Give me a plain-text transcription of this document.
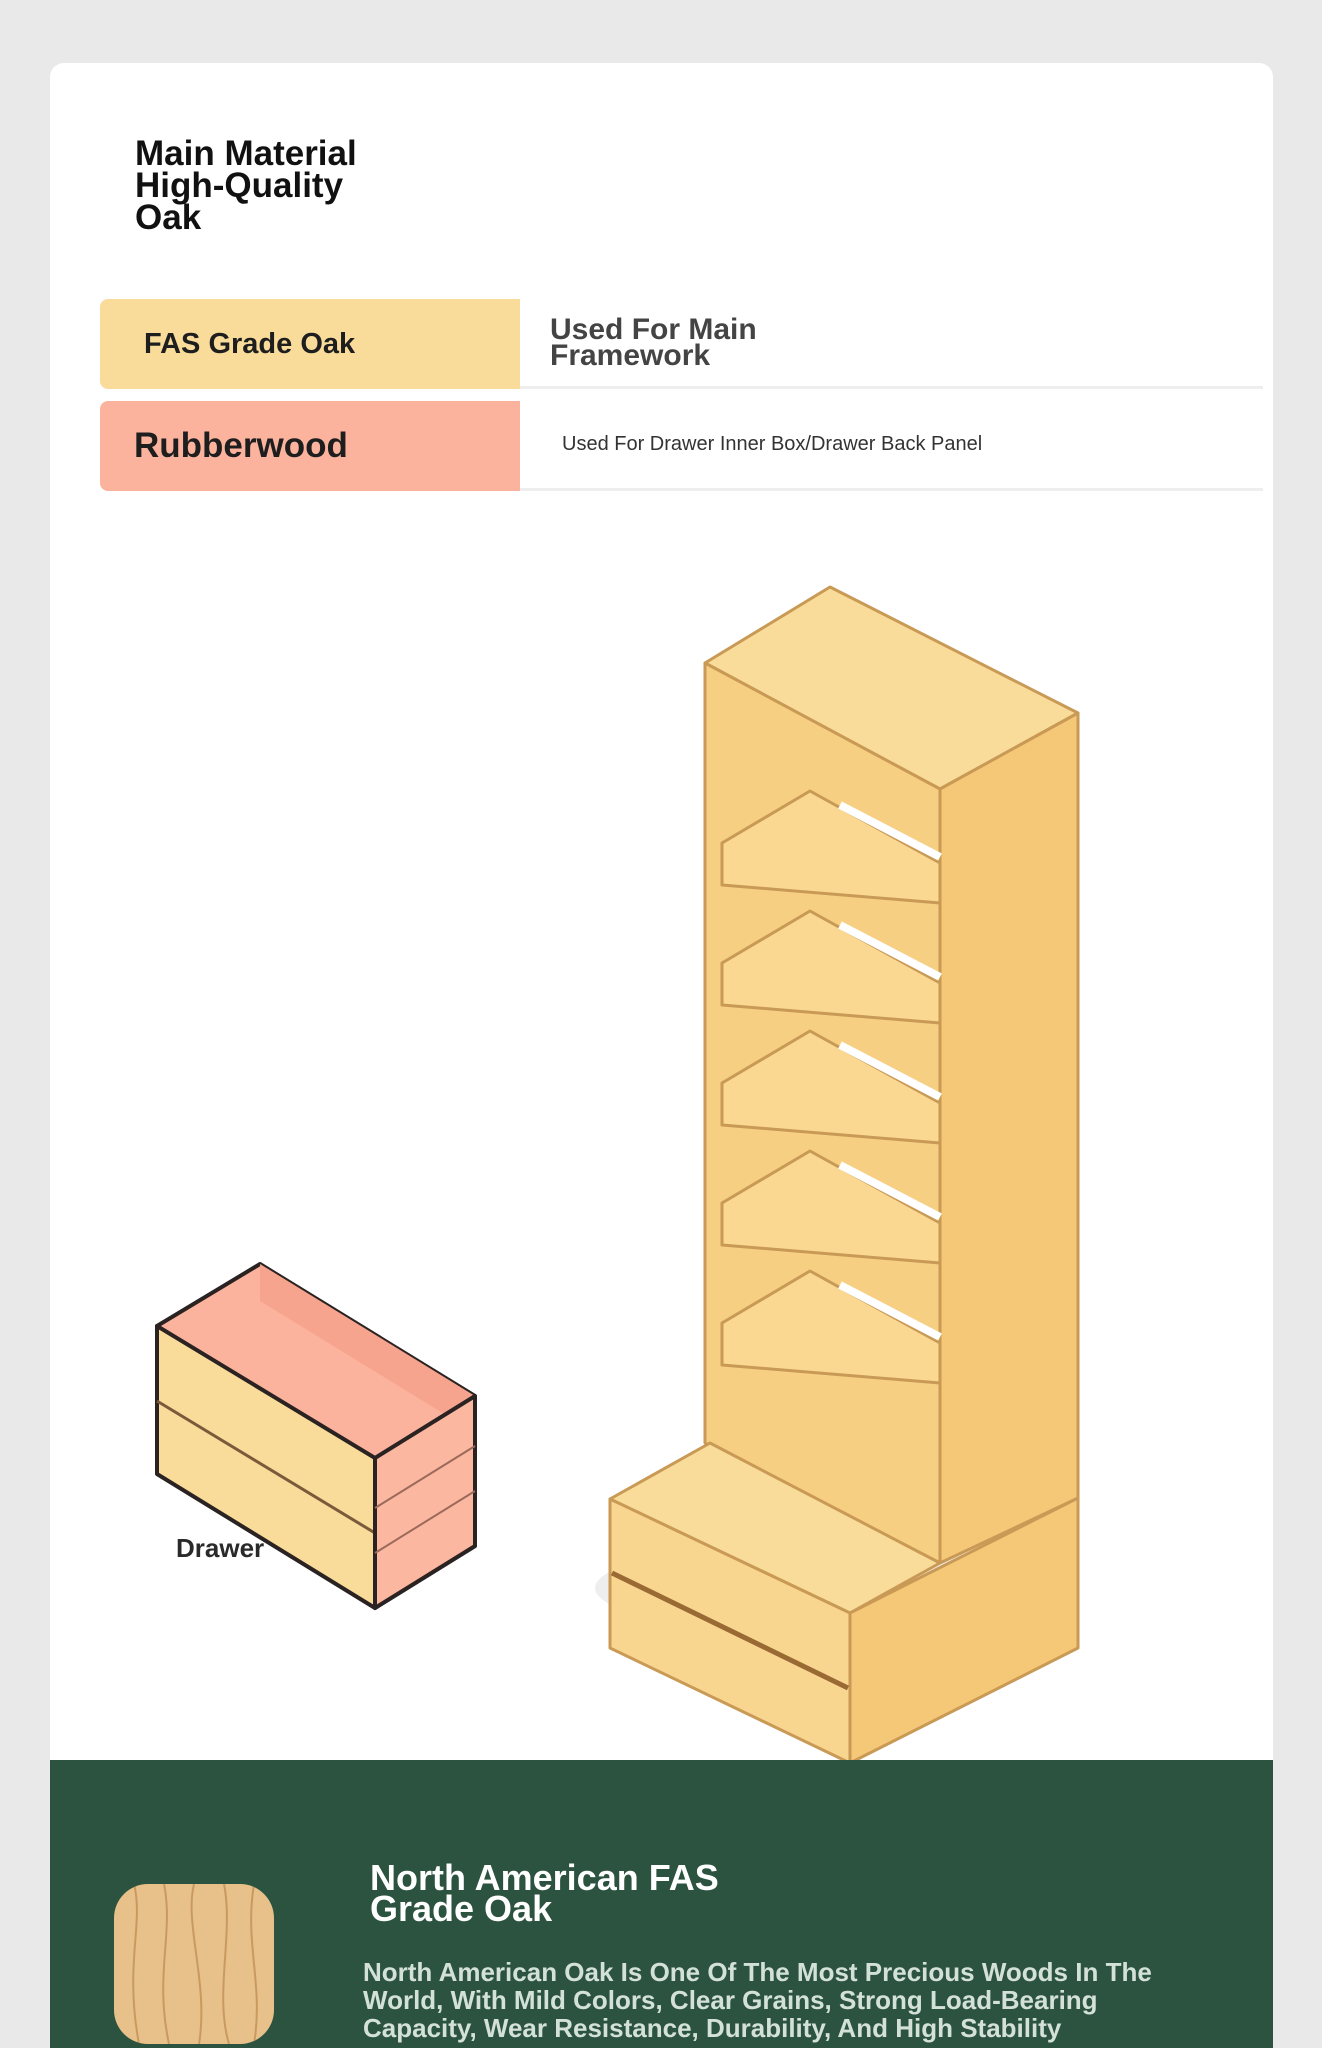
Main Material
High-Quality
Oak
FAS Grade Oak	Used For Main
Framework
Rubberwood	Used For Drawer Inner Box/Drawer Back Panel
Drawer
North American FAS
Grade Oak

North American Oak Is One Of The Most Precious Woods In The World, With Mild Colors, Clear Grains, Strong Load-Bearing Capacity, Wear Resistance, Durability, And High Stability
